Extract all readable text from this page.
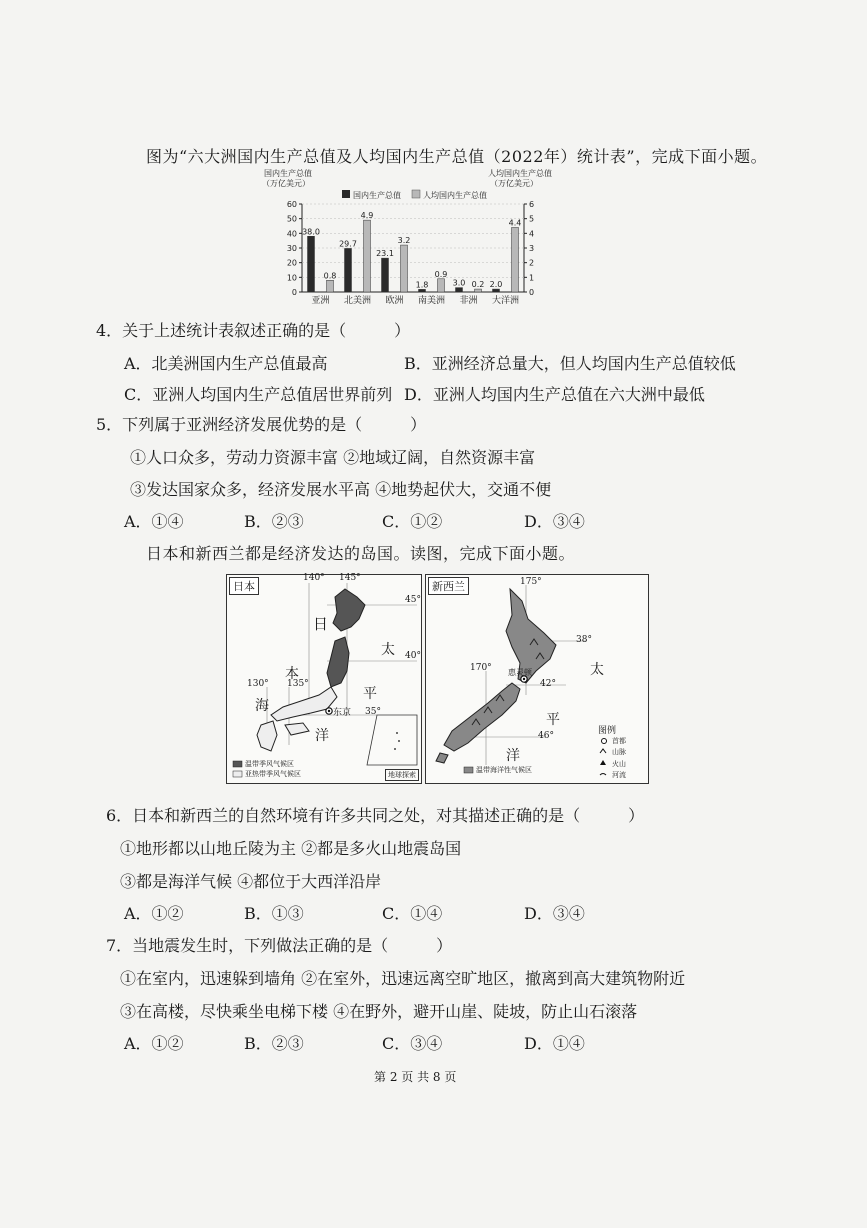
图为“六大洲国内生产总值及人均国内生产总值（2022年）统计表”，完成下面小题。
0
10
20
30
40
50
60
0
1
2
3
4
5
6
国内生产总值
（万亿美元）
人均国内生产总值
（万亿美元）
国内生产总值	人均国内生产总值
38.0
0.8
亚洲
29.7
4.9
北美洲
23.1
3.2
欧洲
1.8
0.9
南美洲
3.0 0.2
非洲
2.0
4.4
大洋洲
4．关于上述统计表叙述正确的是（　　　）
A．北美洲国内生产总值最高	B．亚洲经济总量大，但人均国内生产总值较低
C．亚洲人均国内生产总值居世界前列 D．亚洲人均国内生产总值在六大洲中最低
5．下列属于亚洲经济发展优势的是（　　　）
①人口众多，劳动力资源丰富 ②地域辽阔，自然资源丰富
③发达国家众多，经济发展水平高 ④地势起伏大，交通不便
A．①④	B．②③	C．①②	D．③④
日本和新西兰都是经济发达的岛国。读图，完成下面小题。
日本
140° 145°
130° 135°
45°
40°
35°
日
本
海
太
平
洋
东京
温带季风气候区
亚热带季风气候区	地球探索
新西兰	175°
170°
38°
42°
46°
太
平
洋
惠灵顿
温带海洋性气候区
图例
首都
山脉
火山
河流
6．日本和新西兰的自然环境有许多共同之处，对其描述正确的是（　　　）
①地形都以山地丘陵为主 ②都是多火山地震岛国
③都是海洋气候 ④都位于大西洋沿岸
A．①②	B．①③	C．①④	D．③④
7．当地震发生时，下列做法正确的是（　　　）
①在室内，迅速躲到墙角 ②在室外，迅速远离空旷地区，撤离到高大建筑物附近
③在高楼，尽快乘坐电梯下楼 ④在野外，避开山崖、陡坡，防止山石滚落
A．①②	B．②③	C．③④	D．①④
第 2 页 共 8 页
